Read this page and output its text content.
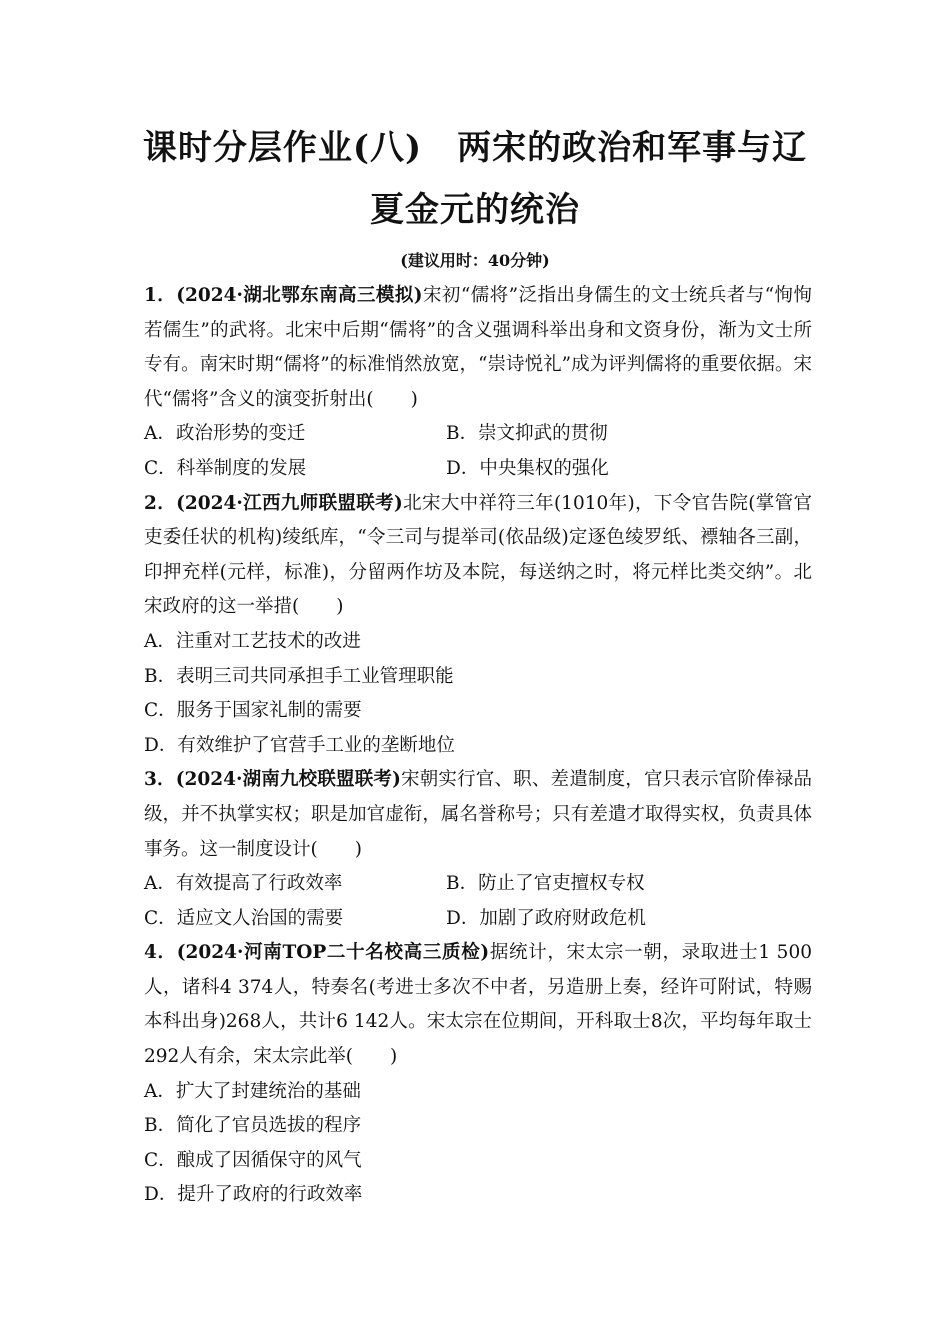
课时分层作业(八)　两宋的政治和军事与辽
夏金元的统治
(建议用时：40分钟)

1．(2024·湖北鄂东南高三模拟)宋初“儒将”泛指出身儒生的文士统兵者与“恂恂若儒生”的武将。北宋中后期“儒将”的含义强调科举出身和文资身份，渐为文士所专有。南宋时期“儒将”的标准悄然放宽，“崇诗悦礼”成为评判儒将的重要依据。宋代“儒将”含义的演变折射出(　　)

A．政治形势的变迁	B．崇文抑武的贯彻
C．科举制度的发展	D．中央集权的强化

2．(2024·江西九师联盟联考)北宋大中祥符三年(1010年)，下令官告院(掌管官吏委任状的机构)绫纸库，“令三司与提举司(依品级)定逐色绫罗纸、褾轴各三副，印押充样(元样，标准)，分留两作坊及本院，每送纳之时，将元样比类交纳”。北宋政府的这一举措(　　)

A．注重对工艺技术的改进
B．表明三司共同承担手工业管理职能
C．服务于国家礼制的需要
D．有效维护了官营手工业的垄断地位

3．(2024·湖南九校联盟联考)宋朝实行官、职、差遣制度，官只表示官阶俸禄品级，并不执掌实权；职是加官虚衔，属名誉称号；只有差遣才取得实权，负责具体事务。这一制度设计(　　)

A．有效提高了行政效率	B．防止了官吏擅权专权
C．适应文人治国的需要	D．加剧了政府财政危机

4．(2024·河南TOP二十名校高三质检)据统计，宋太宗一朝，录取进士1 500人，诸科4 374人，特奏名(考进士多次不中者，另造册上奏，经许可附试，特赐本科出身)268人，共计6 142人。宋太宗在位期间，开科取士8次，平均每年取士292人有余，宋太宗此举(　　)

A．扩大了封建统治的基础
B．简化了官员选拔的程序
C．酿成了因循保守的风气
D．提升了政府的行政效率
